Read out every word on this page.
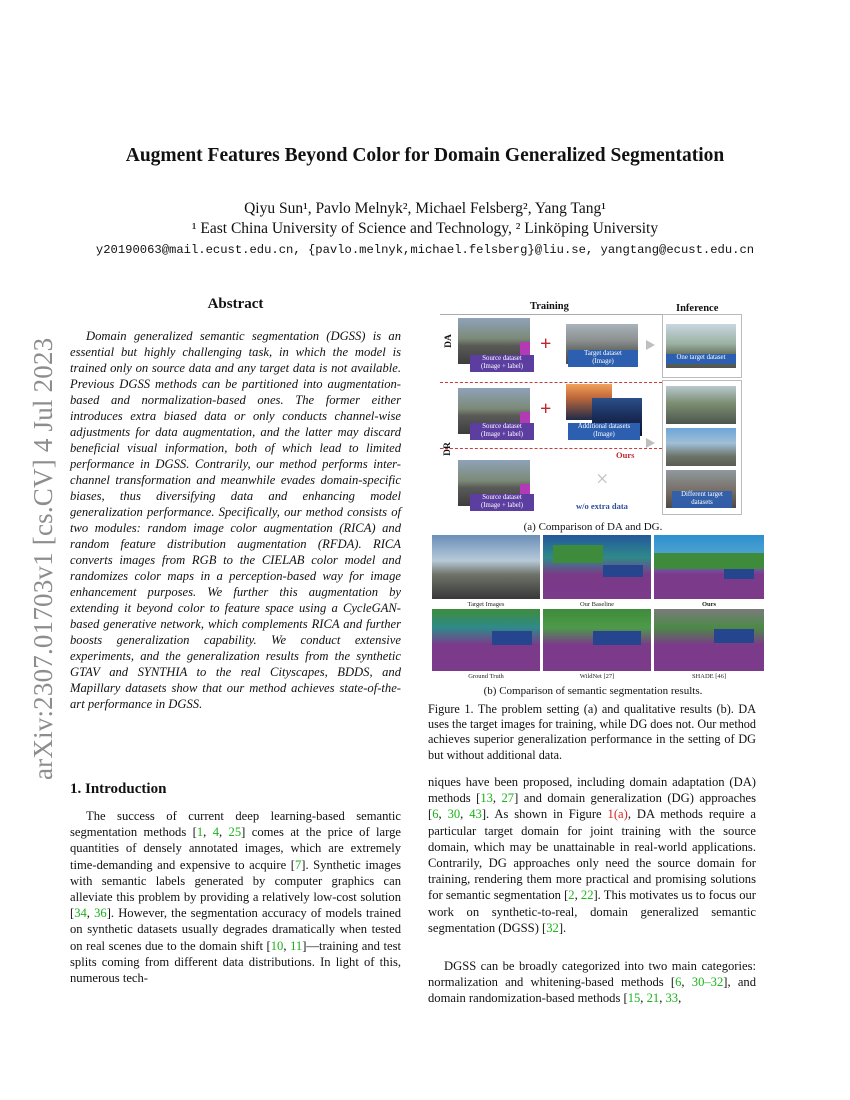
Augment Features Beyond Color for Domain Generalized Segmentation
Qiyu Sun¹, Pavlo Melnyk², Michael Felsberg², Yang Tang¹
¹ East China University of Science and Technology, ² Linköping University
y20190063@mail.ecust.edu.cn, {pavlo.melnyk,michael.felsberg}@liu.se, yangtang@ecust.edu.cn
arXiv:2307.01703v1 [cs.CV] 4 Jul 2023
Abstract
Domain generalized semantic segmentation (DGSS) is an essential but highly challenging task, in which the model is trained only on source data and any target data is not available. Previous DGSS methods can be partitioned into augmentation-based and normalization-based ones. The former either introduces extra biased data or only conducts channel-wise adjustments for data augmentation, and the latter may discard beneficial visual information, both of which lead to limited performance in DGSS. Contrarily, our method performs inter-channel transformation and meanwhile evades domain-specific biases, thus diversifying data and enhancing model generalization performance. Specifically, our method consists of two modules: random image color augmentation (RICA) and random feature distribution augmentation (RFDA). RICA converts images from RGB to the CIELAB color model and randomizes color maps in a perception-based way for image enhancement purposes. We further this augmentation by extending it beyond color to feature space using a CycleGAN-based generative network, which complements RICA and further boosts generalization capability. We conduct extensive experiments, and the generalization results from the synthetic GTAV and SYNTHIA to the real Cityscapes, BDDS, and Mapillary datasets show that our method achieves state-of-the-art performance in DGSS.
Training	Inference
DA
Source dataset
(Image + label)
+	Target dataset
(Image)
One target dataset
DR
Source dataset
(Image + label)
+
Additional datasets
(Image)
Ours
Source dataset
(Image + label)
×
w/o extra data
Different target
datasets
(a) Comparison of DA and DG.
Target Images	Our Baseline	Ours
Ground Truth	WildNet [27]	SHADE [46]
(b) Comparison of semantic segmentation results.
Figure 1. The problem setting (a) and qualitative results (b). DA uses the target images for training, while DG does not. Our method achieves superior generalization performance in the setting of DG but without additional data.
1. Introduction
The success of current deep learning-based semantic segmentation methods [1, 4, 25] comes at the price of large quantities of densely annotated images, which are extremely time-demanding and expensive to acquire [7]. Synthetic images with semantic labels generated by computer graphics can alleviate this problem by providing a relatively low-cost solution [34, 36]. However, the segmentation accuracy of models trained on synthetic datasets usually degrades dramatically when tested on real scenes due to the domain shift [10, 11]—training and test splits coming from different data distributions. In light of this, numerous tech-
niques have been proposed, including domain adaptation (DA) methods [13, 27] and domain generalization (DG) approaches [6, 30, 43]. As shown in Figure 1(a), DA methods require a particular target domain for joint training with the source domain, which may be unattainable in real-world applications. Contrarily, DG approaches only need the source domain for training, rendering them more practical and promising solutions for semantic segmentation [2, 22]. This motivates us to focus our work on synthetic-to-real, domain generalized semantic segmentation (DGSS) [32].
DGSS can be broadly categorized into two main categories: normalization and whitening-based methods [6, 30–32], and domain randomization-based methods [15, 21, 33,
